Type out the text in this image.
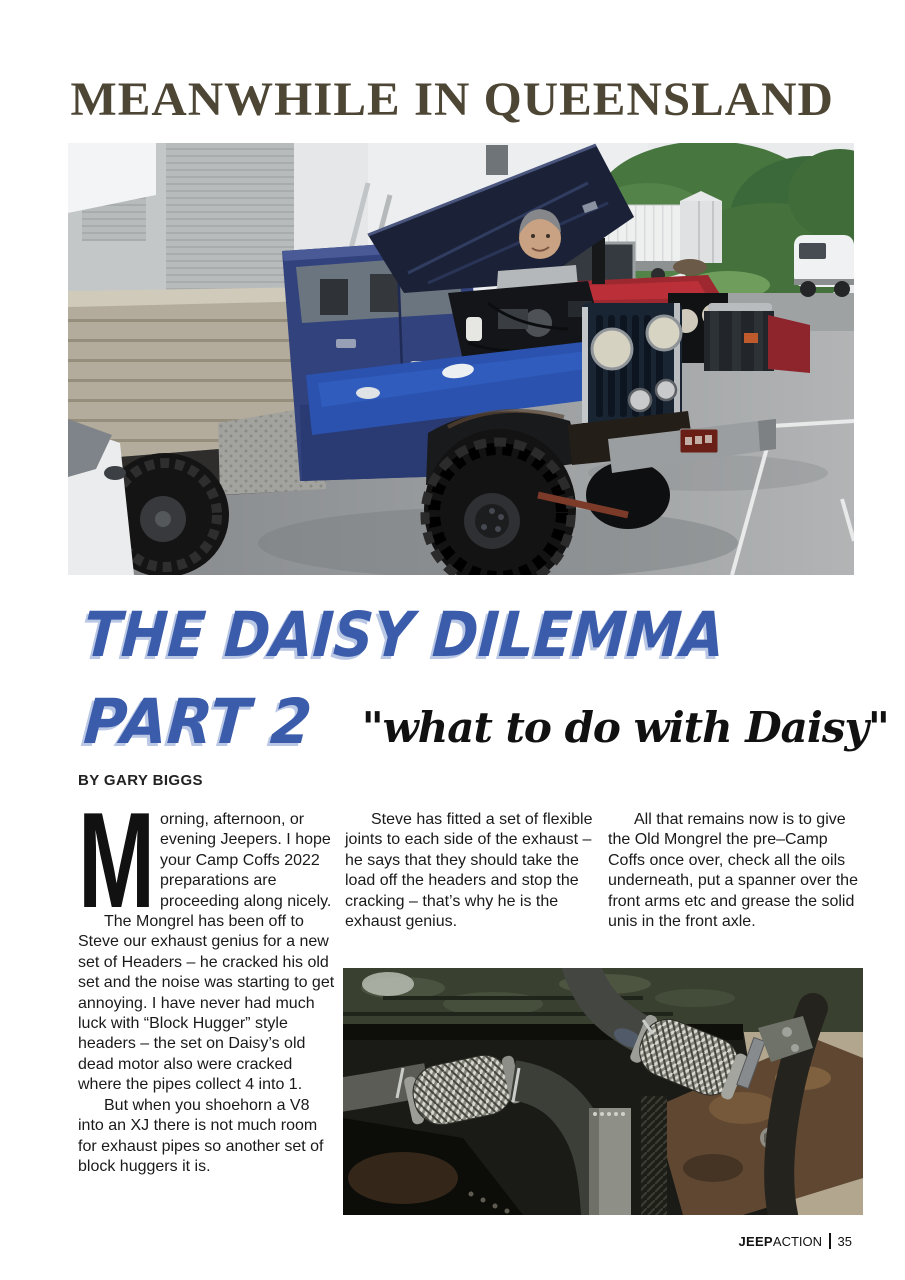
MEANWHILE IN QUEENSLAND
THE DAISY DILEMMA
PART 2 "what to do with Daisy"
BY GARY BIGGS

Morning, afternoon, or evening Jeepers. I hope your Camp Coffs 2022 preparations are proceeding along nicely.

The Mongrel has been off to Steve our exhaust genius for a new set of Headers – he cracked his old set and the noise was starting to get annoying. I have never had much luck with “Block Hugger” style headers – the set on Daisy’s old dead motor also were cracked where the pipes collect 4 into 1.

But when you shoehorn a V8 into an XJ there is not much room for exhaust pipes so another set of block huggers it is.

Steve has fitted a set of flexible joints to each side of the exhaust – he says that they should take the load off the headers and stop the cracking – that’s why he is the exhaust genius.

All that remains now is to give the Old Mongrel the pre–Camp Coffs once over, check all the oils underneath, put a spanner over the front arms etc and grease the solid unis in the front axle.

JEEP ACTION 35
